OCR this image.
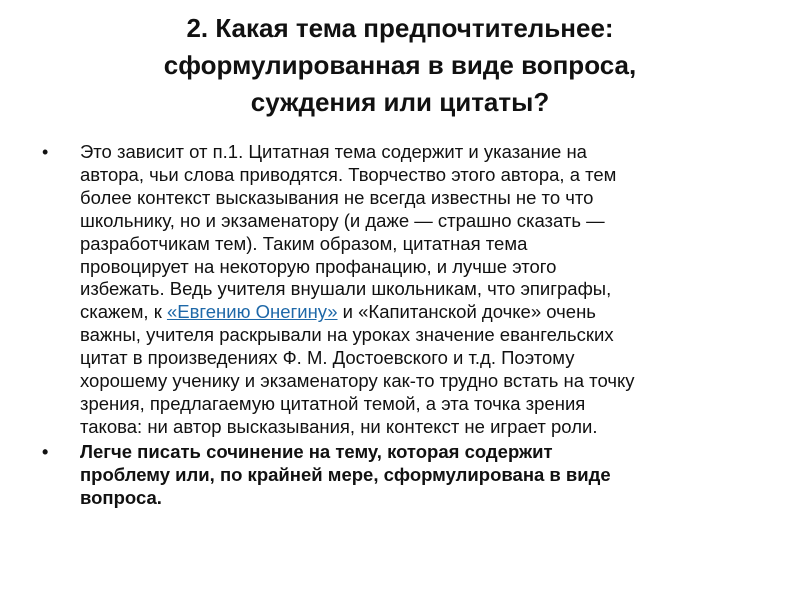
2. Какая тема предпочтительнее:
сформулированная в виде вопроса,
суждения или цитаты?
•	Это зависит от п.1. Цитатная тема содержит и указание на
автора, чьи слова приводятся. Творчество этого автора, а тем
более контекст высказывания не всегда известны не то что
школьнику, но и экзаменатору (и даже — страшно сказать —
разработчикам тем). Таким образом, цитатная тема
провоцирует на некоторую профанацию, и лучше этого
избежать. Ведь учителя внушали школьникам, что эпиграфы,
скажем, к «Евгению Онегину» и «Капитанской дочке» очень
важны, учителя раскрывали на уроках значение евангельских
цитат в произведениях Ф. М. Достоевского и т.д. Поэтому
хорошему ученику и экзаменатору как-то трудно встать на точку
зрения, предлагаемую цитатной темой, а эта точка зрения
такова: ни автор высказывания, ни контекст не играет роли.
•	Легче писать сочинение на тему, которая содержит
проблему или, по крайней мере, сформулирована в виде
вопроса.
